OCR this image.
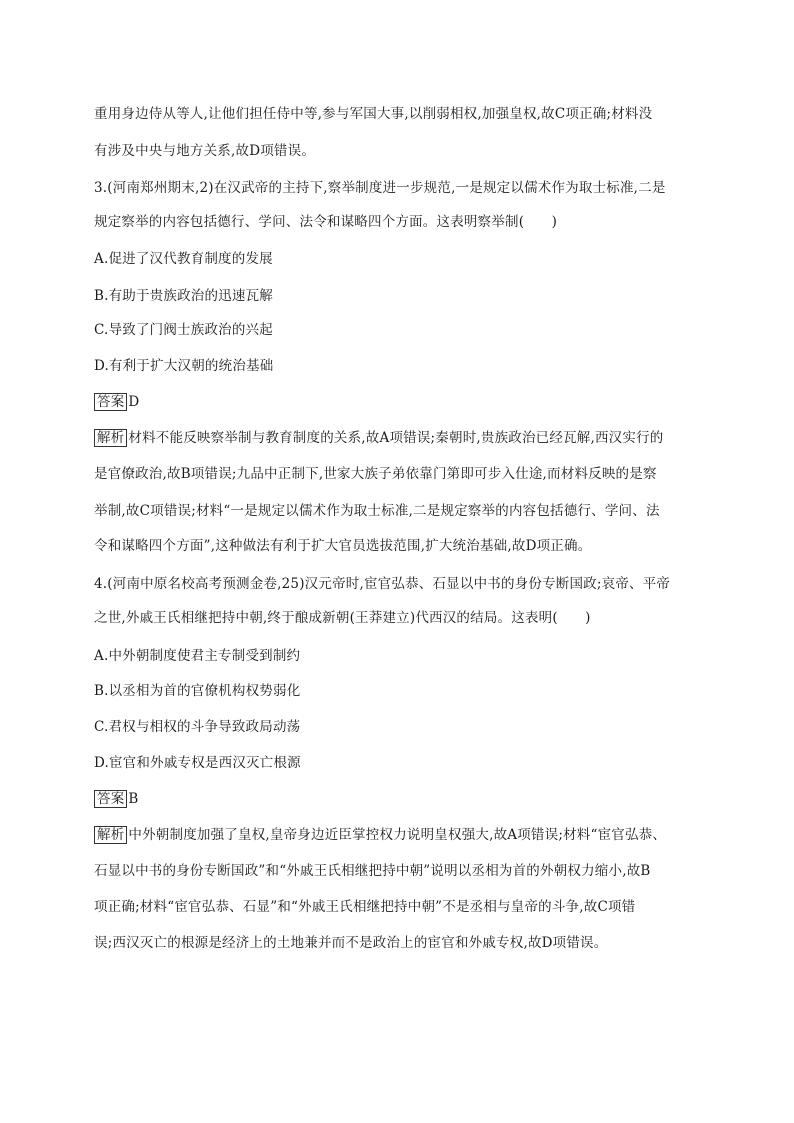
重用身边侍从等人,让他们担任侍中等,参与军国大事,以削弱相权,加强皇权,故C项正确;材料没
有涉及中央与地方关系,故D项错误。
3.(河南郑州期末,2)在汉武帝的主持下,察举制度进一步规范,一是规定以儒术作为取士标准,二是
规定察举的内容包括德行、学问、法令和谋略四个方面。这表明察举制(　　)
A.促进了汉代教育制度的发展
B.有助于贵族政治的迅速瓦解
C.导致了门阀士族政治的兴起
D.有利于扩大汉朝的统治基础
答案 D
解析 材料不能反映察举制与教育制度的关系,故A项错误;秦朝时,贵族政治已经瓦解,西汉实行的
是官僚政治,故B项错误;九品中正制下,世家大族子弟依靠门第即可步入仕途,而材料反映的是察
举制,故C项错误;材料“一是规定以儒术作为取士标准,二是规定察举的内容包括德行、学问、法
令和谋略四个方面”,这种做法有利于扩大官员选拔范围,扩大统治基础,故D项正确。
4.(河南中原名校高考预测金卷,25)汉元帝时,宦官弘恭、石显以中书的身份专断国政;哀帝、平帝
之世,外戚王氏相继把持中朝,终于酿成新朝(王莽建立)代西汉的结局。这表明(　　)
A.中外朝制度使君主专制受到制约
B.以丞相为首的官僚机构权势弱化
C.君权与相权的斗争导致政局动荡
D.宦官和外戚专权是西汉灭亡根源
答案 B
解析 中外朝制度加强了皇权,皇帝身边近臣掌控权力说明皇权强大,故A项错误;材料“宦官弘恭、
石显以中书的身份专断国政”和“外戚王氏相继把持中朝”说明以丞相为首的外朝权力缩小,故B
项正确;材料“宦官弘恭、石显”和“外戚王氏相继把持中朝”不是丞相与皇帝的斗争,故C项错
误;西汉灭亡的根源是经济上的土地兼并而不是政治上的宦官和外戚专权,故D项错误。
